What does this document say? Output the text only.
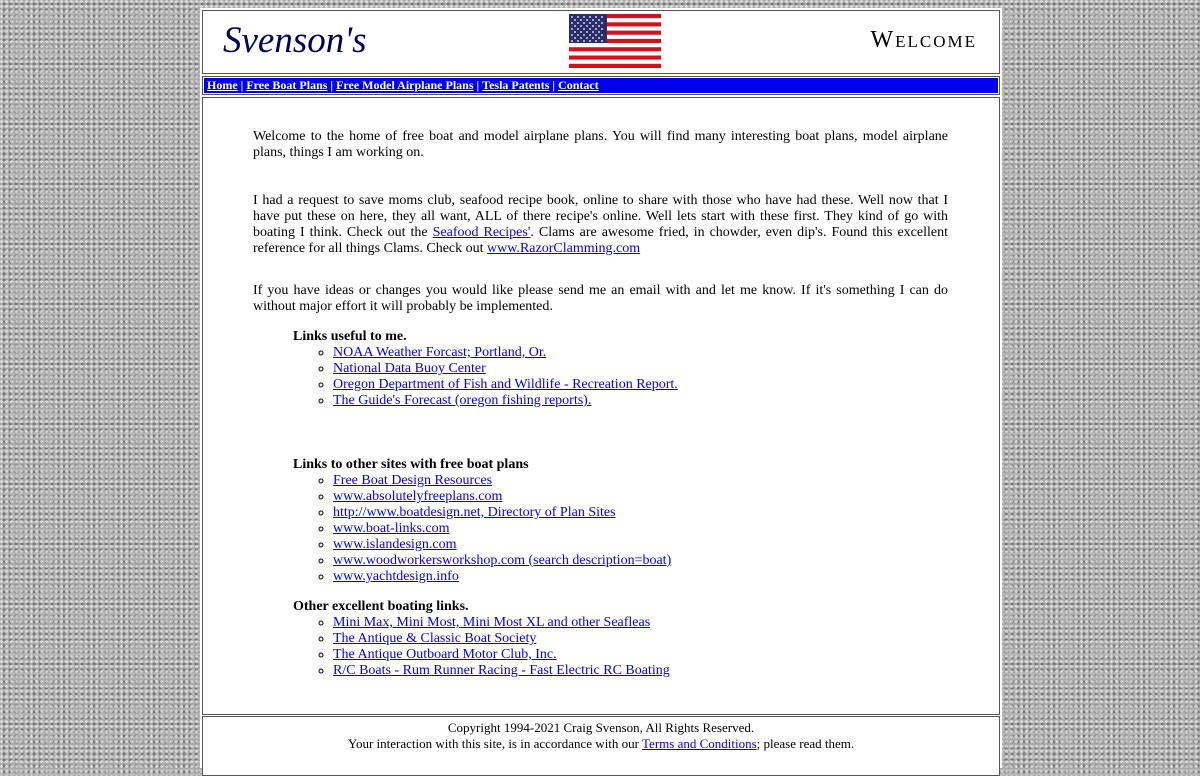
Svenson's	Welcome
Home | Free Boat Plans | Free Model Airplane Plans | Tesla Patents | Contact

Welcome to the home of free boat and model airplane plans. You will find many interesting boat plans, model airplane plans, things I am working on.

I had a request to save moms club, seafood recipe book, online to share with those who have had these. Well now that I have put these on here, they all want, ALL of there recipe's online. Well lets start with these first. They kind of go with boating I think. Check out the Seafood Recipes'. Clams are awesome fried, in chowder, even dip's. Found this excellent reference for all things Clams. Check out www.RazorClamming.com

If you have ideas or changes you would like please send me an email with and let me know. If it's something I can do without major effort it will probably be implemented.

Links useful to me.
◦ NOAA Weather Forcast; Portland, Or.
◦ National Data Buoy Center
◦ Oregon Department of Fish and Wildlife - Recreation Report.
◦ The Guide's Forecast (oregon fishing reports).
Links to other sites with free boat plans
◦ Free Boat Design Resources
◦ www.absolutelyfreeplans.com
◦ http://www.boatdesign.net, Directory of Plan Sites
◦ www.boat-links.com
◦ www.islandesign.com
◦ www.woodworkersworkshop.com (search description=boat)
◦ www.yachtdesign.info
Other excellent boating links.
◦ Mini Max, Mini Most, Mini Most XL and other Seafleas
◦ The Antique & Classic Boat Society
◦ The Antique Outboard Motor Club, Inc.
◦ R/C Boats - Rum Runner Racing - Fast Electric RC Boating
Copyright 1994-2021 Craig Svenson, All Rights Reserved.
Your interaction with this site, is in accordance with our Terms and Conditions; please read them.
